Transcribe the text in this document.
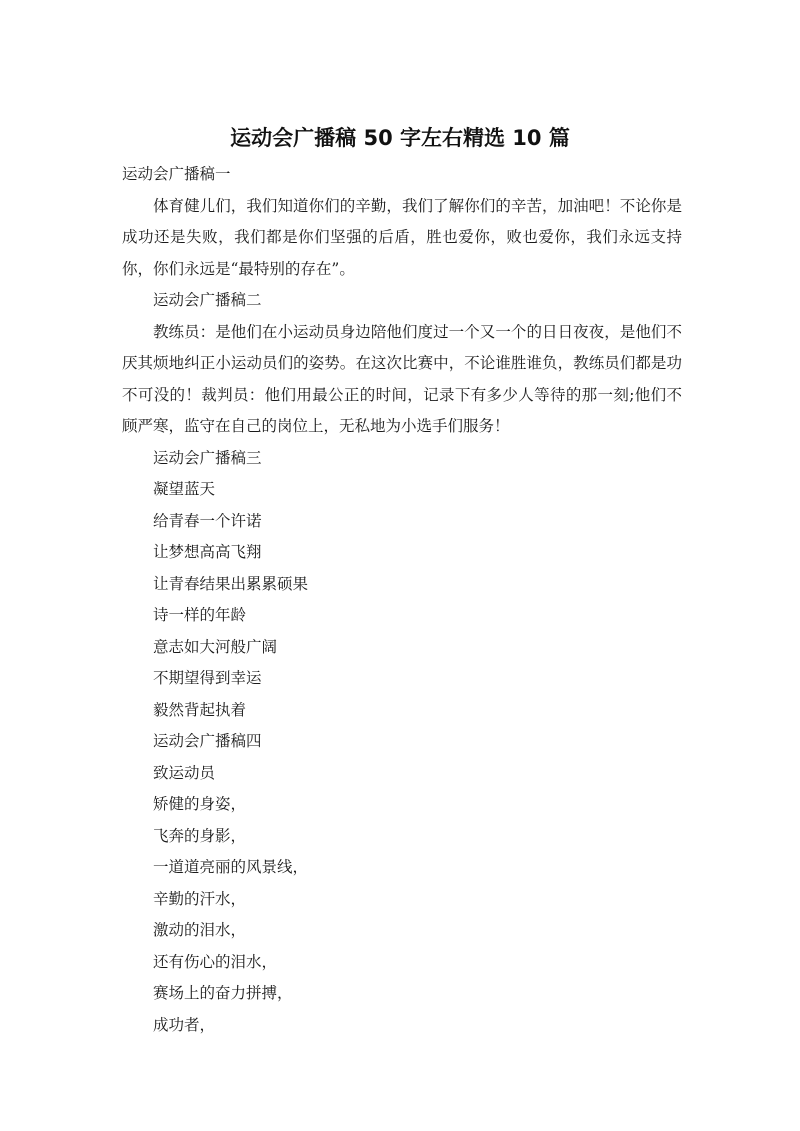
运动会广播稿 50 字左右精选 10 篇
运动会广播稿一
体育健儿们，我们知道你们的辛勤，我们了解你们的辛苦，加油吧！不论你是成功还是失败，我们都是你们坚强的后盾，胜也爱你，败也爱你，我们永远支持你，你们永远是“最特别的存在”。
运动会广播稿二
教练员：是他们在小运动员身边陪他们度过一个又一个的日日夜夜，是他们不厌其烦地纠正小运动员们的姿势。在这次比赛中，不论谁胜谁负，教练员们都是功不可没的！裁判员：他们用最公正的时间，记录下有多少人等待的那一刻;他们不顾严寒，监守在自己的岗位上，无私地为小选手们服务！
运动会广播稿三
凝望蓝天
给青春一个许诺
让梦想高高飞翔
让青春结果出累累硕果
诗一样的年龄
意志如大河般广阔
不期望得到幸运
毅然背起执着
运动会广播稿四
致运动员
矫健的身姿，
飞奔的身影，
一道道亮丽的风景线，
辛勤的汗水，
激动的泪水，
还有伤心的泪水，
赛场上的奋力拼搏，
成功者，
